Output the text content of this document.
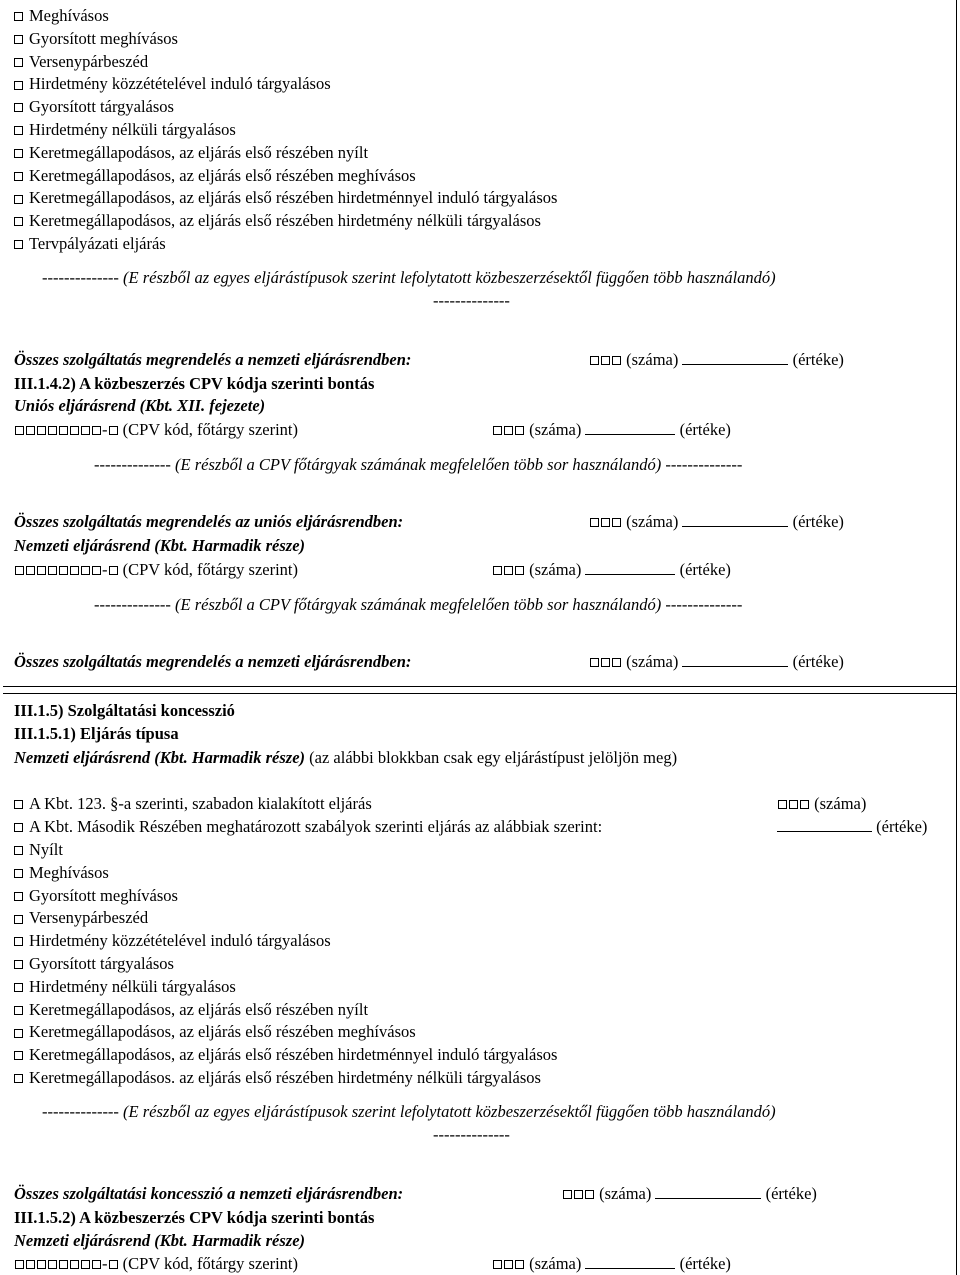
Meghívásos
Gyorsított meghívásos
Versenypárbeszéd
Hirdetmény közzétételével induló tárgyalásos
Gyorsított tárgyalásos
Hirdetmény nélküli tárgyalásos
Keretmegállapodásos, az eljárás első részében nyílt
Keretmegállapodásos, az eljárás első részében meghívásos
Keretmegállapodásos, az eljárás első részében hirdetménnyel induló tárgyalásos
Keretmegállapodásos, az eljárás első részében hirdetmény nélküli tárgyalásos
Tervpályázati eljárás
-------------- (E részből az egyes eljárástípusok szerint lefolytatott közbeszerzésektől függően több használandó)
--------------
Összes szolgáltatás megrendelés a nemzeti eljárásrendben:	(száma)	(értéke)
III.1.4.2) A közbeszerzés CPV kódja szerinti bontás
Uniós eljárásrend (Kbt. XII. fejezete)
- (CPV kód, főtárgy szerint)	(száma)	(értéke)
-------------- (E részből a CPV főtárgyak számának megfelelően több sor használandó) --------------
Összes szolgáltatás megrendelés az uniós eljárásrendben:	(száma)	(értéke)
Nemzeti eljárásrend (Kbt. Harmadik része)
- (CPV kód, főtárgy szerint)	(száma)	(értéke)
-------------- (E részből a CPV főtárgyak számának megfelelően több sor használandó) --------------
Összes szolgáltatás megrendelés a nemzeti eljárásrendben:	(száma)	(értéke)
III.1.5) Szolgáltatási koncesszió
III.1.5.1) Eljárás típusa
Nemzeti eljárásrend (Kbt. Harmadik része) (az alábbi blokkban csak egy eljárástípust jelöljön meg)
A Kbt. 123. §-a szerinti, szabadon kialakított eljárás	(száma)
A Kbt. Második Részében meghatározott szabályok szerinti eljárás az alábbiak szerint:	(értéke)
Nyílt
Meghívásos
Gyorsított meghívásos
Versenypárbeszéd
Hirdetmény közzétételével induló tárgyalásos
Gyorsított tárgyalásos
Hirdetmény nélküli tárgyalásos
Keretmegállapodásos, az eljárás első részében nyílt
Keretmegállapodásos, az eljárás első részében meghívásos
Keretmegállapodásos, az eljárás első részében hirdetménnyel induló tárgyalásos
Keretmegállapodásos. az eljárás első részében hirdetmény nélküli tárgyalásos
-------------- (E részből az egyes eljárástípusok szerint lefolytatott közbeszerzésektől függően több használandó)
--------------
Összes szolgáltatási koncesszió a nemzeti eljárásrendben:	(száma)	(értéke)
III.1.5.2) A közbeszerzés CPV kódja szerinti bontás
Nemzeti eljárásrend (Kbt. Harmadik része)
- (CPV kód, főtárgy szerint)	(száma)	(értéke)
